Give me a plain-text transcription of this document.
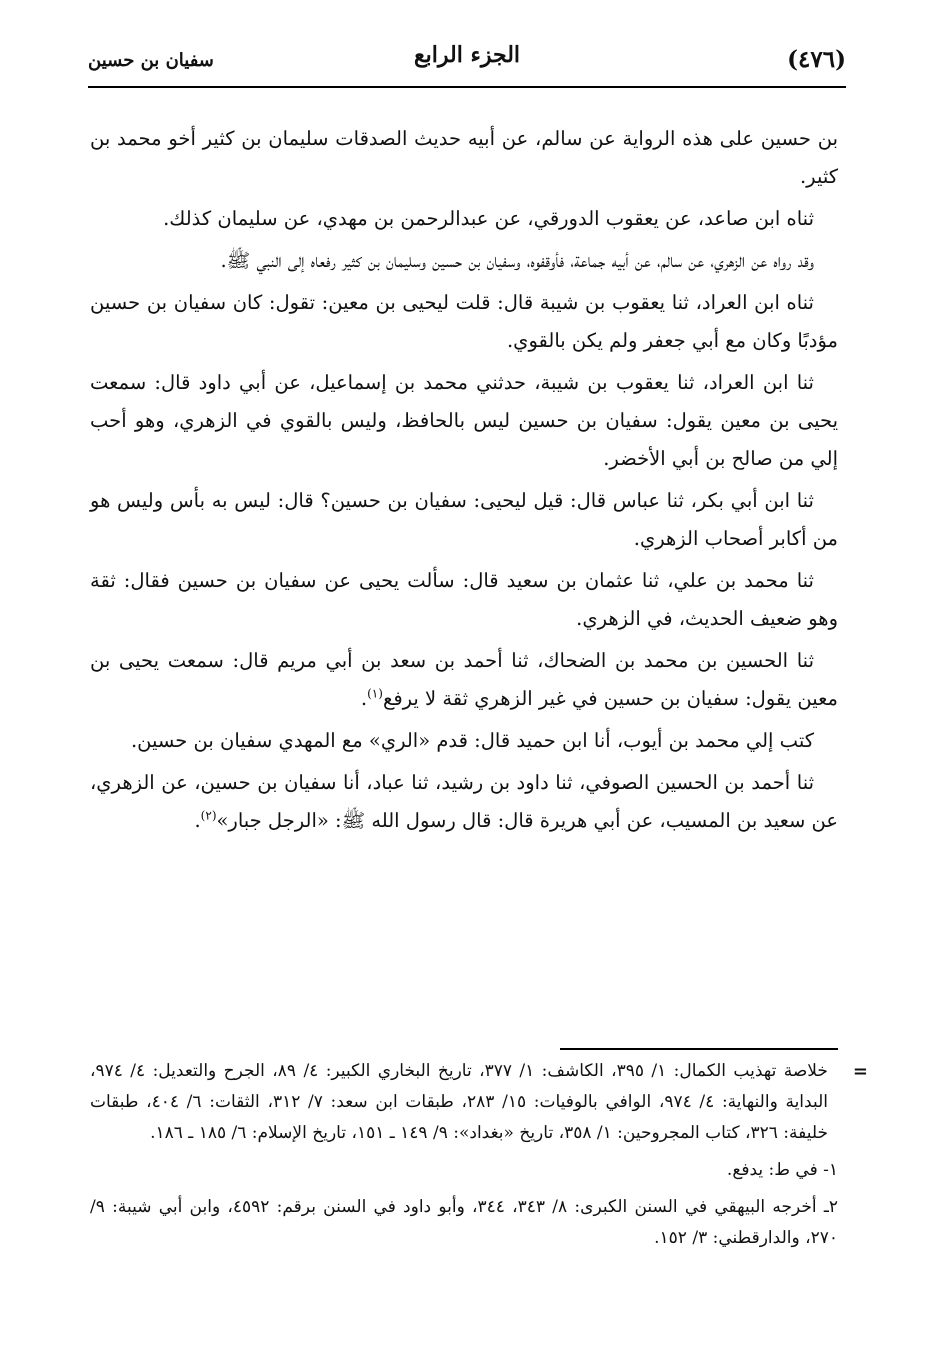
(٤٧٦)
الجزء الرابع
سفيان بن حسين

بن حسين على هذه الرواية عن سالم، عن أبيه حديث الصدقات سليمان بن كثير أخو محمد بن كثير.

ثناه ابن صاعد، عن يعقوب الدورقي، عن عبدالرحمن بن مهدي، عن سليمان كذلك.

وقد رواه عن الزهري، عن سالم، عن أبيه جماعة، فأوقفوه، وسفيان بن حسين وسليمان بن كثير رفعاه إلى النبي ﷺ.

ثناه ابن العراد، ثنا يعقوب بن شيبة قال: قلت ليحيى بن معين: تقول: كان سفيان بن حسين مؤدبًا وكان مع أبي جعفر ولم يكن بالقوي.

ثنا ابن العراد، ثنا يعقوب بن شيبة، حدثني محمد بن إسماعيل، عن أبي داود قال: سمعت يحيى بن معين يقول: سفيان بن حسين ليس بالحافظ، وليس بالقوي في الزهري، وهو أحب إلي من صالح بن أبي الأخضر.

ثنا ابن أبي بكر، ثنا عباس قال: قيل ليحيى: سفيان بن حسين؟ قال: ليس به بأس وليس هو من أكابر أصحاب الزهري.

ثنا محمد بن علي، ثنا عثمان بن سعيد قال: سألت يحيى عن سفيان بن حسين فقال: ثقة وهو ضعيف الحديث، في الزهري.

ثنا الحسين بن محمد بن الضحاك، ثنا أحمد بن سعد بن أبي مريم قال: سمعت يحيى بن معين يقول: سفيان بن حسين في غير الزهري ثقة لا يرفع$^{(١)}$.

كتب إلي محمد بن أيوب، أنا ابن حميد قال: قدم «الري» مع المهدي سفيان بن حسين.

ثنا أحمد بن الحسين الصوفي، ثنا داود بن رشيد، ثنا عباد، أنا سفيان بن حسين، عن الزهري، عن سعيد بن المسيب، عن أبي هريرة قال: قال رسول الله ﷺ: «الرجل جبار»$^{(٢)}$.

=
خلاصة تهذيب الكمال: ١/ ٣٩٥، الكاشف: ١/ ٣٧٧، تاريخ البخاري الكبير: ٤/ ٨٩، الجرح والتعديل: ٤/ ٩٧٤، البداية والنهاية: ٤/ ٩٧٤، الوافي بالوفيات: ١٥/ ٢٨٣، طبقات ابن سعد: ٧/ ٣١٢، الثقات: ٦/ ٤٠٤، طبقات خليفة: ٣٢٦، كتاب المجروحين: ١/ ٣٥٨، تاريخ «بغداد»: ٩/ ١٤٩ ـ ١٥١، تاريخ الإسلام: ٦/ ١٨٥ ـ ١٨٦.

١- في ط: يدفع.

٢ـ أخرجه البيهقي في السنن الكبرى: ٨/ ٣٤٣، ٣٤٤، وأبو داود في السنن برقم: ٤٥٩٢، وابن أبي شيبة: ٩/ ٢٧٠، والدارقطني: ٣/ ١٥٢.
